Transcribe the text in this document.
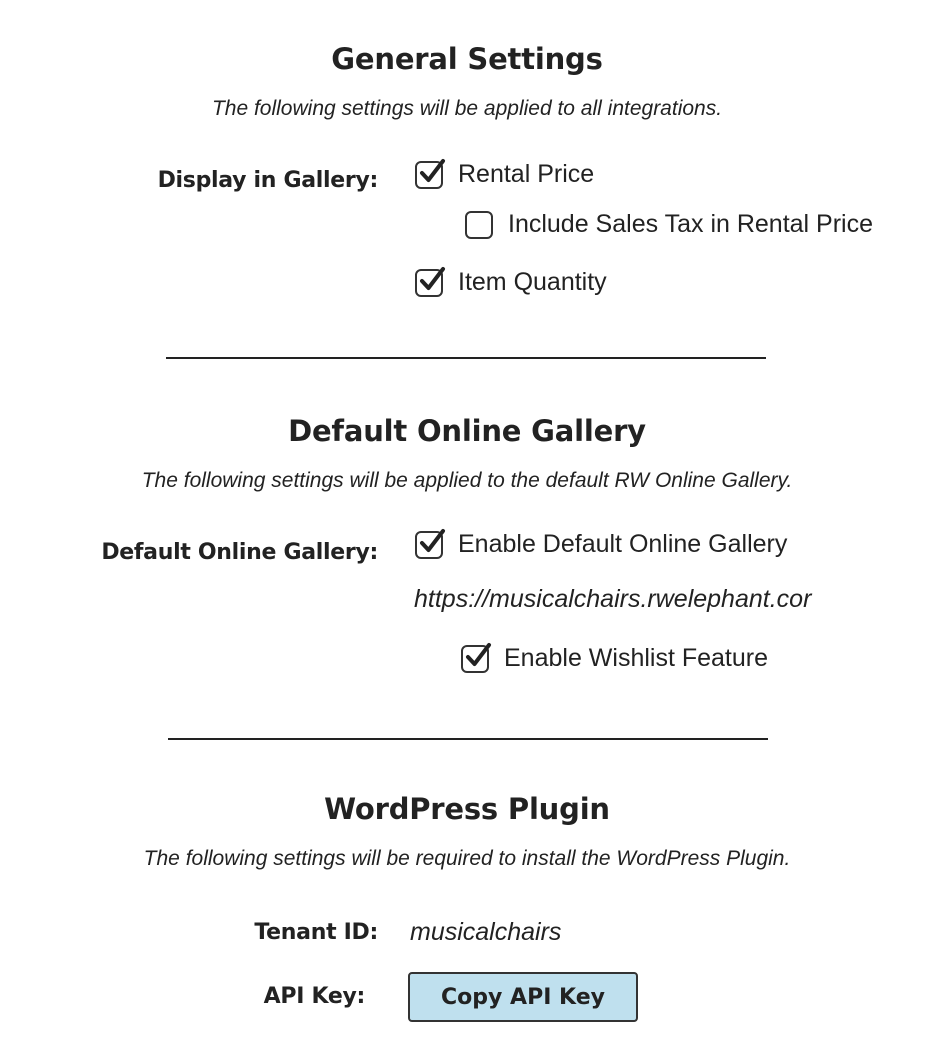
General Settings
The following settings will be applied to all integrations.
Display in Gallery:	Rental Price
Include Sales Tax in Rental Price
Item Quantity
Default Online Gallery
The following settings will be applied to the default RW Online Gallery.
Default Online Gallery:	Enable Default Online Gallery
https://musicalchairs.rwelephant.cor
Enable Wishlist Feature
WordPress Plugin
The following settings will be required to install the WordPress Plugin.
Tenant ID: musicalchairs
API Key:	Copy API Key
